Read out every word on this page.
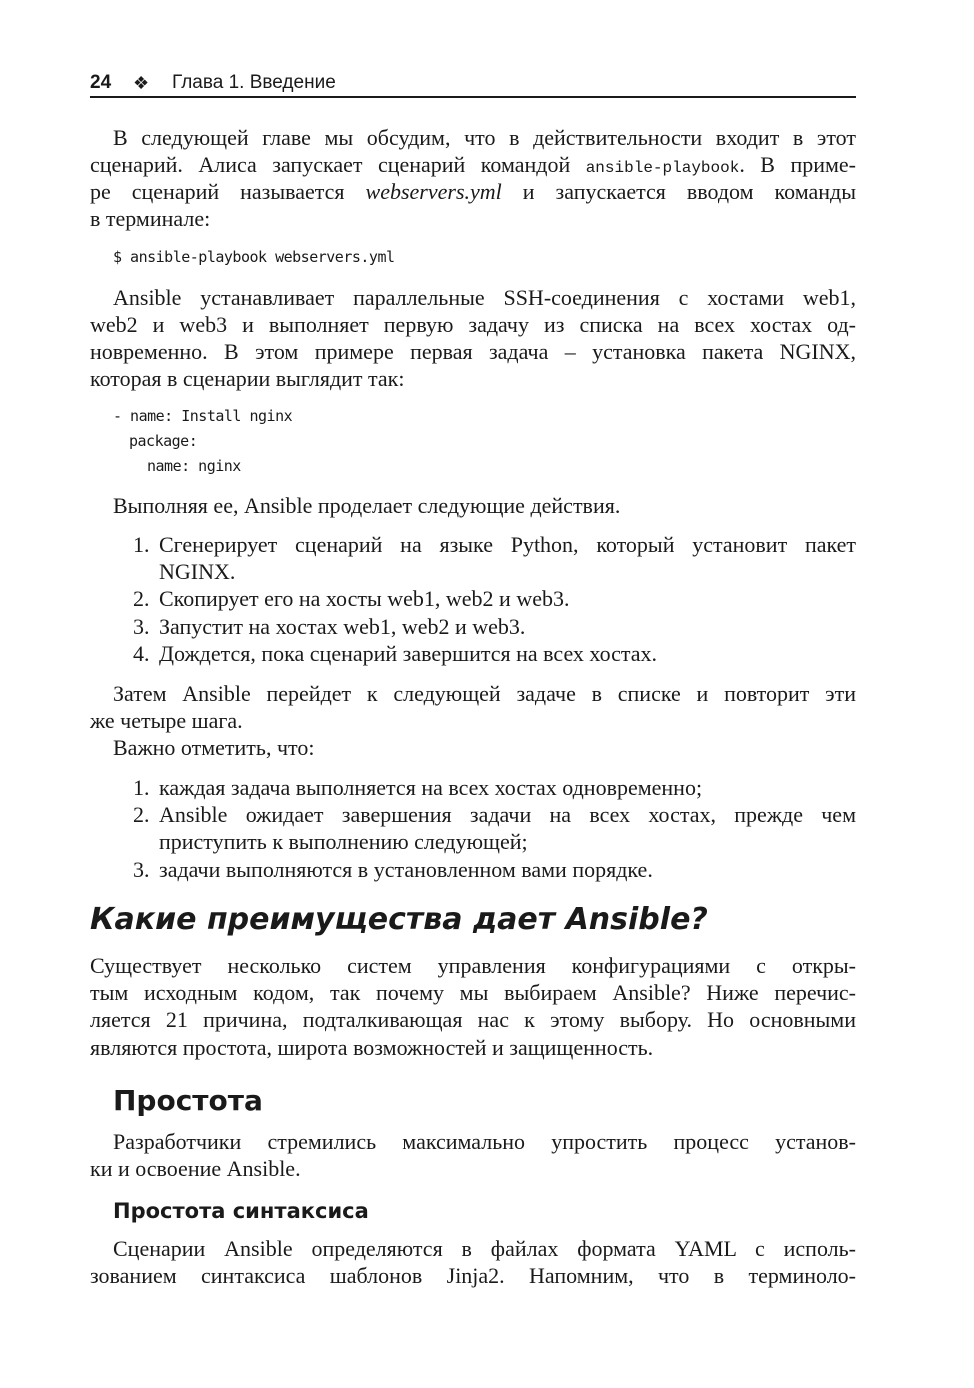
24 ❖ Глава 1. Введение
В следующей главе мы обсудим, что в действительности входит в этот
сценарий. Алиса запускает сценарий командой ansible-playbook. В приме-
ре сценарий называется webservers.yml и запускается вводом команды
в терминале:
$ ansible-playbook webservers.yml
Ansible устанавливает параллельные SSH-соединения с хостами web1,
web2 и web3 и выполняет первую задачу из списка на всех хостах од-
новременно. В этом примере первая задача – установка пакета NGINX,
которая в сценарии выглядит так:
- name: Install nginx
package:
name: nginx
Выполняя ее, Ansible проделает следующие действия.
1. Сгенерирует сценарий на языке Python, который установит пакет
NGINX.
2. Скопирует его на хосты web1, web2 и web3.
3. Запустит на хостах web1, web2 и web3.
4. Дождется, пока сценарий завершится на всех хостах.
Затем Ansible перейдет к следующей задаче в списке и повторит эти
же четыре шага.
Важно отметить, что:
1. каждая задача выполняется на всех хостах одновременно;
2. Ansible ожидает завершения задачи на всех хостах, прежде чем
приступить к выполнению следующей;
3. задачи выполняются в установленном вами порядке.
Какие преимущества дает Ansible?
Существует несколько систем управления конфигурациями с откры-
тым исходным кодом, так почему мы выбираем Ansible? Ниже перечис-
ляется 21 причина, подталкивающая нас к этому выбору. Но основными
являются простота, широта возможностей и защищенность.
Простота
Разработчики стремились максимально упростить процесс установ-
ки и освоение Ansible.
Простота синтаксиса
Сценарии Ansible определяются в файлах формата YAML с исполь-
зованием синтаксиса шаблонов Jinja2. Напомним, что в терминоло-
